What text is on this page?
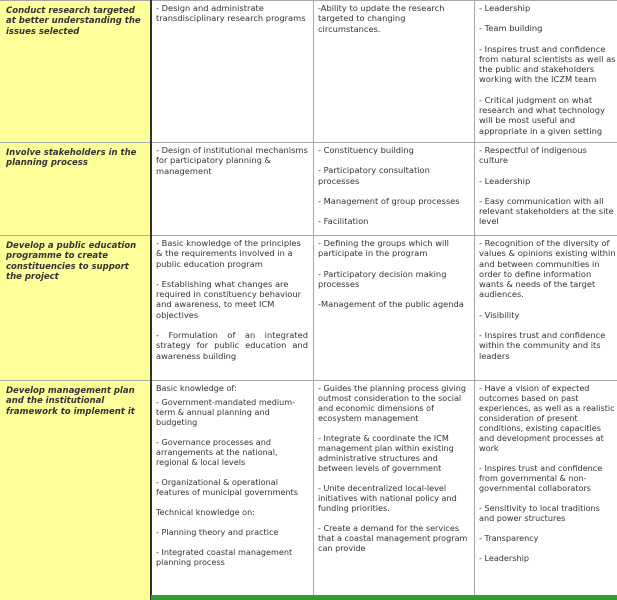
Conduct research targeted at better understanding the issues selected

- Design and administrate transdisciplinary research programs

-Ability to update the research targeted to changing circumstances.

- Leadership

- Team building

- Inspires trust and confidence from natural scientists as well as the public and stakeholders working with the ICZM team

- Critical judgment on what research and what technology will be most useful and appropriate in a given setting

Involve stakeholders in the planning process

- Design of institutional mechanisms for participatory planning & management

- Constituency building

- Participatory consultation processes

- Management of group processes

- Facilitation

- Respectful of indigenous culture

- Leadership

- Easy communication with all relevant stakeholders at the site level

Develop a public education programme to create constituencies to support the project

- Basic knowledge of the principles & the requirements involved in a public education program

- Establishing what changes are required in constituency behaviour and awareness, to meet ICM objectives

- Formulation of an integrated strategy for public education and awareness building

- Defining the groups which will participate in the program

- Participatory decision making processes

-Management of the public agenda

- Recognition of the diversity of values & opinions existing within and between communities in order to define information wants & needs of the target audiences.

- Visibility

- Inspires trust and confidence within the community and its leaders

Develop management plan and the institutional framework to implement it

Basic knowledge of:

- Government-mandated medium-term & annual planning and budgeting

- Governance processes and arrangements at the national, regional & local levels

- Organizational & operational features of municipal governments

Technical knowledge on:

- Planning theory and practice

- Integrated coastal management planning process

- Guides the planning process giving outmost consideration to the social and economic dimensions of ecosystem management

- Integrate & coordinate the ICM management plan within existing administrative structures and between levels of government

- Unite decentralized local-level initiatives with national policy and funding priorities.

- Create a demand for the services that a coastal management program can provide

- Have a vision of expected outcomes based on past experiences, as well as a realistic consideration of present conditions, existing capacities and development processes at work

- Inspires trust and confidence from governmental & non-governmental collaborators

- Sensitivity to local traditions and power structures

- Transparency

- Leadership
